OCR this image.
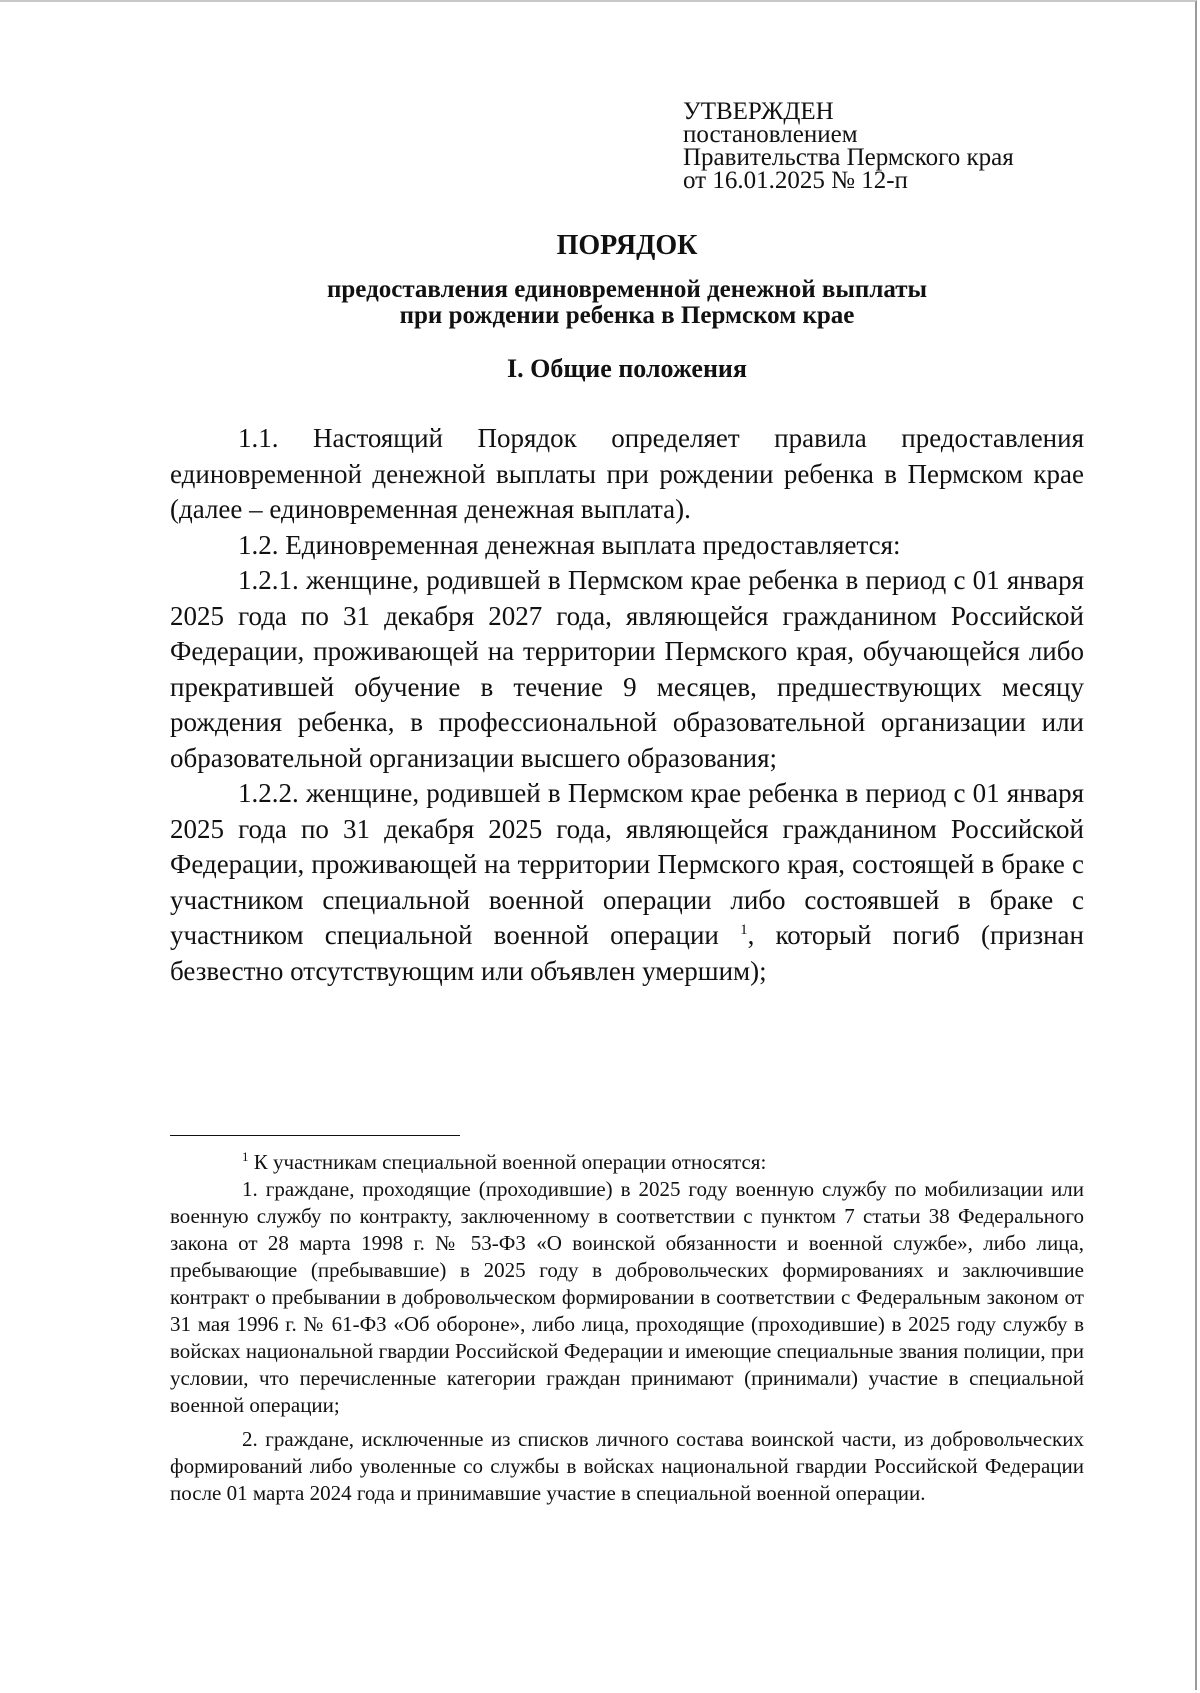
УТВЕРЖДЕН
постановлением
Правительства Пермского края
от 16.01.2025 № 12-п
ПОРЯДОК
предоставления единовременной денежной выплаты
при рождении ребенка в Пермском крае
I. Общие положения

1.1. Настоящий Порядок определяет правила предоставления единовременной денежной выплаты при рождении ребенка в Пермском крае (далее – единовременная денежная выплата).

1.2. Единовременная денежная выплата предоставляется:

1.2.1. женщине, родившей в Пермском крае ребенка в период с 01 января 2025 года по 31 декабря 2027 года, являющейся гражданином Российской Федерации, проживающей на территории Пермского края, обучающейся либо прекратившей обучение в течение 9 месяцев, предшествующих месяцу рождения ребенка, в профессиональной образовательной организации или образовательной организации высшего образования;

1.2.2. женщине, родившей в Пермском крае ребенка в период с 01 января 2025 года по 31 декабря 2025 года, являющейся гражданином Российской Федерации, проживающей на территории Пермского края, состоящей в браке с участником специальной военной операции либо состоявшей в браке с участником специальной военной операции $^1$, который погиб (признан безвестно отсутствующим или объявлен умершим);

$^1$ К участникам специальной военной операции относятся:

1. граждане, проходящие (проходившие) в 2025 году военную службу по мобилизации или военную службу по контракту, заключенному в соответствии с пунктом 7 статьи 38 Федерального закона от 28 марта 1998 г. № 53-ФЗ «О воинской обязанности и военной службе», либо лица, пребывающие (пребывавшие) в 2025 году в добровольческих формированиях и заключившие контракт о пребывании в добровольческом формировании в соответствии с Федеральным законом от 31 мая 1996 г. № 61-ФЗ «Об обороне», либо лица, проходящие (проходившие) в 2025 году службу в войсках национальной гвардии Российской Федерации и имеющие специальные звания полиции, при условии, что перечисленные категории граждан принимают (принимали) участие в специальной военной операции;

2. граждане, исключенные из списков личного состава воинской части, из добровольческих формирований либо уволенные со службы в войсках национальной гвардии Российской Федерации после 01 марта 2024 года и принимавшие участие в специальной военной операции.
